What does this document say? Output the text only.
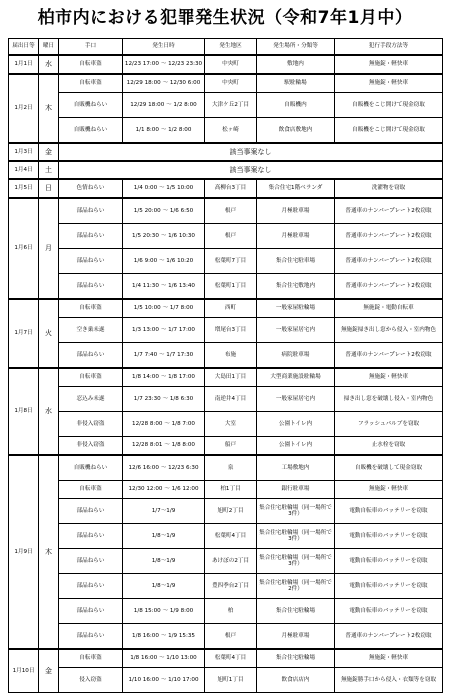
柏市内における犯罪発生状況（令和7年1月中）
届出日等	曜日	手口	発生日時	発生地区	発生場所・分類等	犯行手段方法等
1月1日	水	自転車盗	12/23 17:00 ～ 12/23 23:30	中央町	敷地内	無施錠・軽快車
1月2日	木	自転車盗	12/29 18:00 ～ 12/30 6:00	中央町	駅駐輪場	無施錠・軽快車
		自販機ねらい	12/29 18:00 ～ 1/2 8:00	大津ケ丘2丁目	自販機内	自販機をこじ開けて現金窃取
		自販機ねらい	1/1 8:00 ～ 1/2 8:00	松ヶ崎	飲食店敷地内	自販機をこじ開けて現金窃取
1月3日	金	該当事案なし				
1月4日	土	該当事案なし				
1月5日	日	色情ねらい	1/4 0:00 ～ 1/5 10:00	高柳台3丁目	集合住宅1階ベランダ	洗濯物を窃取
1月6日	月	部品ねらい	1/5 20:00 ～ 1/6 6:50	根戸	月極駐車場	普通車のナンバープレート2枚窃取
		部品ねらい	1/5 20:30 ～ 1/6 10:30	根戸	月極駐車場	普通車のナンバープレート2枚窃取
		部品ねらい	1/6 9:00 ～ 1/6 10:20	松葉町7丁目	集合住宅駐車場	普通車のナンバープレート2枚窃取
		部品ねらい	1/4 11:30 ～ 1/6 13:40	松葉町1丁目	集合住宅敷地内	普通車のナンバープレート2枚窃取
1月7日	火	自転車盗	1/5 10:00 ～ 1/7 8:00	西町	一般家屋駐輪場	無施錠・電動自転車
		空き巣未遂	1/3 13:00 ～ 1/7 17:00	増尾台3丁目	一般家屋居宅内	無施錠掃き出し窓から侵入・室内物色
		部品ねらい	1/7 7:40 ～ 1/7 17:30	布施	病院駐車場	普通車のナンバープレート2枚窃取
1月8日	水	自転車盗	1/8 14:00 ～ 1/8 17:00	大島田1丁目	大型商業施設駐輪場	無施錠・軽快車
		忍込み未遂	1/7 23:30 ～ 1/8 6:30	南逆井4丁目	一般家屋居宅内	掃き出し窓を破壊し侵入・室内物色
		非侵入窃盗	12/28 8:00 ～ 1/8 7:00	大室	公園トイレ内	フラッシュバルブを窃取
		非侵入窃盗	12/28 8:01 ～ 1/8 8:00	船戸	公園トイレ内	止水栓を窃取
1月9日	木	自販機ねらい	12/6 16:00 ～ 12/23 6:30	泉	工場敷地内	自販機を破壊して現金窃取
		自転車盗	12/30 12:00 ～ 1/6 12:00	柏1丁目	銀行駐車場	無施錠・軽快車
		部品ねらい	1/7～1/9	旭町2丁目	集合住宅駐輪場（同一場所で3件）	電動自転車のバッテリーを窃取
		部品ねらい	1/8～1/9	松葉町4丁目	集合住宅駐輪場（同一場所で3件）	電動自転車のバッテリーを窃取
		部品ねらい	1/8～1/9	あけぼの2丁目	集合住宅駐輪場（同一場所で3件）	電動自転車のバッテリーを窃取
		部品ねらい	1/8～1/9	豊四季台2丁目	集合住宅駐輪場（同一場所で2件）	電動自転車のバッテリーを窃取
		部品ねらい	1/8 15:00 ～ 1/9 8:00	柏	集合住宅駐輪場	電動自転車のバッテリーを窃取
		部品ねらい	1/8 16:00 ～ 1/9 15:35	根戸	月極駐車場	普通車のナンバープレート2枚窃取
1月10日	金	自転車盗	1/8 16:00 ～ 1/10 13:00	松葉町4丁目	集合住宅駐輪場	無施錠・軽快車
		侵入窃盗	1/10 16:00 ～ 1/10 17:00	旭町1丁目	飲食店店内	無施錠勝手口から侵入・衣類等を窃取
